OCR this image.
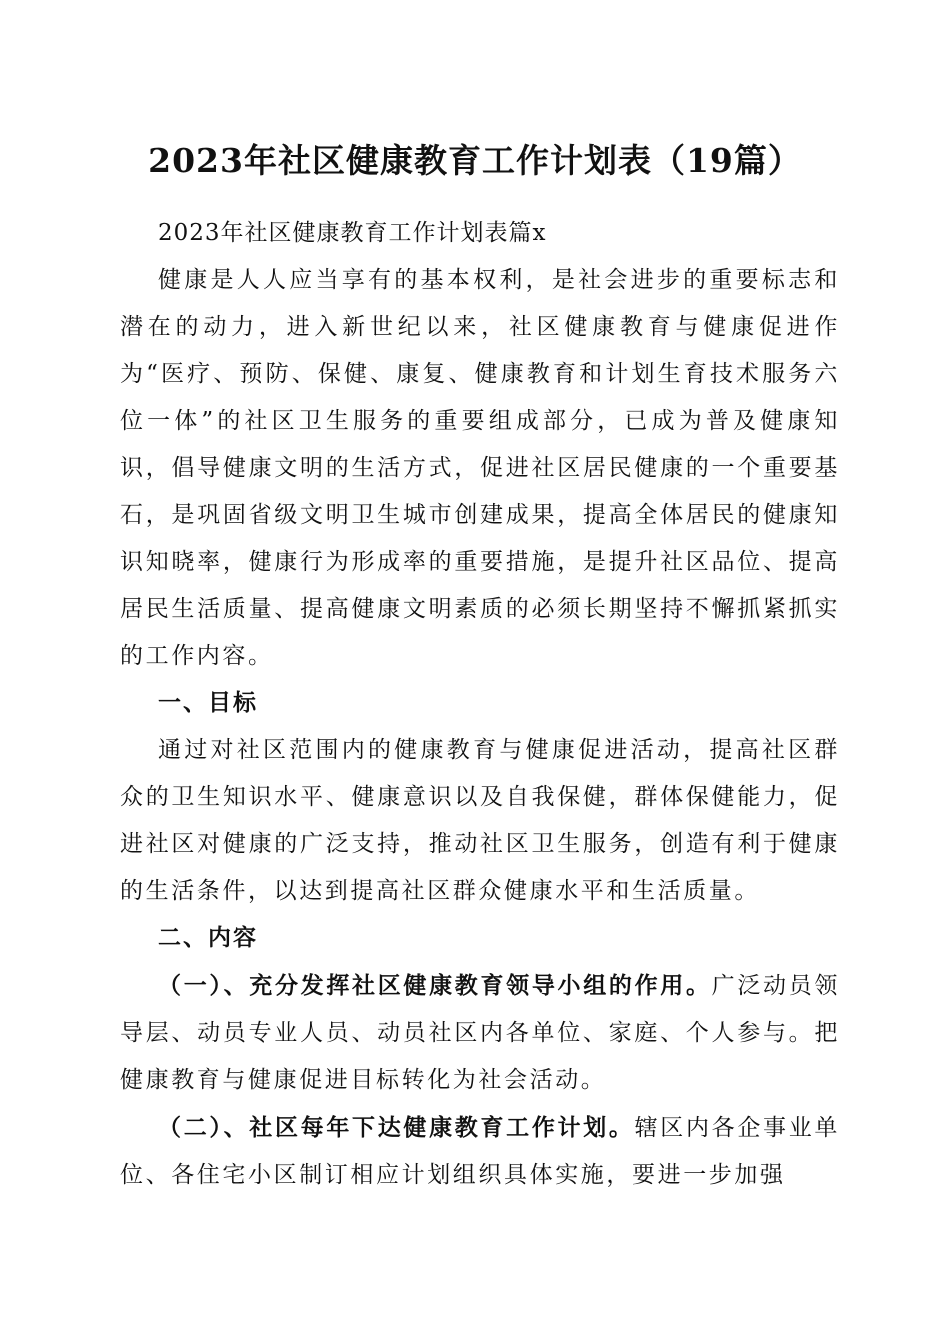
2023年社区健康教育工作计划表（19篇）

2023年社区健康教育工作计划表篇x

健康是人人应当享有的基本权利，是社会进步的重要标志和潜在的动力，进入新世纪以来，社区健康教育与健康促进作为“医疗、预防、保健、康复、健康教育和计划生育技术服务六位一体”的社区卫生服务的重要组成部分，已成为普及健康知识，倡导健康文明的生活方式，促进社区居民健康的一个重要基石，是巩固省级文明卫生城市创建成果，提高全体居民的健康知识知晓率，健康行为形成率的重要措施，是提升社区品位、提高居民生活质量、提高健康文明素质的必须长期坚持不懈抓紧抓实的工作内容。

一、目标

通过对社区范围内的健康教育与健康促进活动，提高社区群众的卫生知识水平、健康意识以及自我保健，群体保健能力，促进社区对健康的广泛支持，推动社区卫生服务，创造有利于健康的生活条件，以达到提高社区群众健康水平和生活质量。

二、内容

（一）、充分发挥社区健康教育领导小组的作用。广泛动员领导层、动员专业人员、动员社区内各单位、家庭、个人参与。把健康教育与健康促进目标转化为社会活动。

（二）、社区每年下达健康教育工作计划。辖区内各企事业单位、各住宅小区制订相应计划组织具体实施，要进一步加强
